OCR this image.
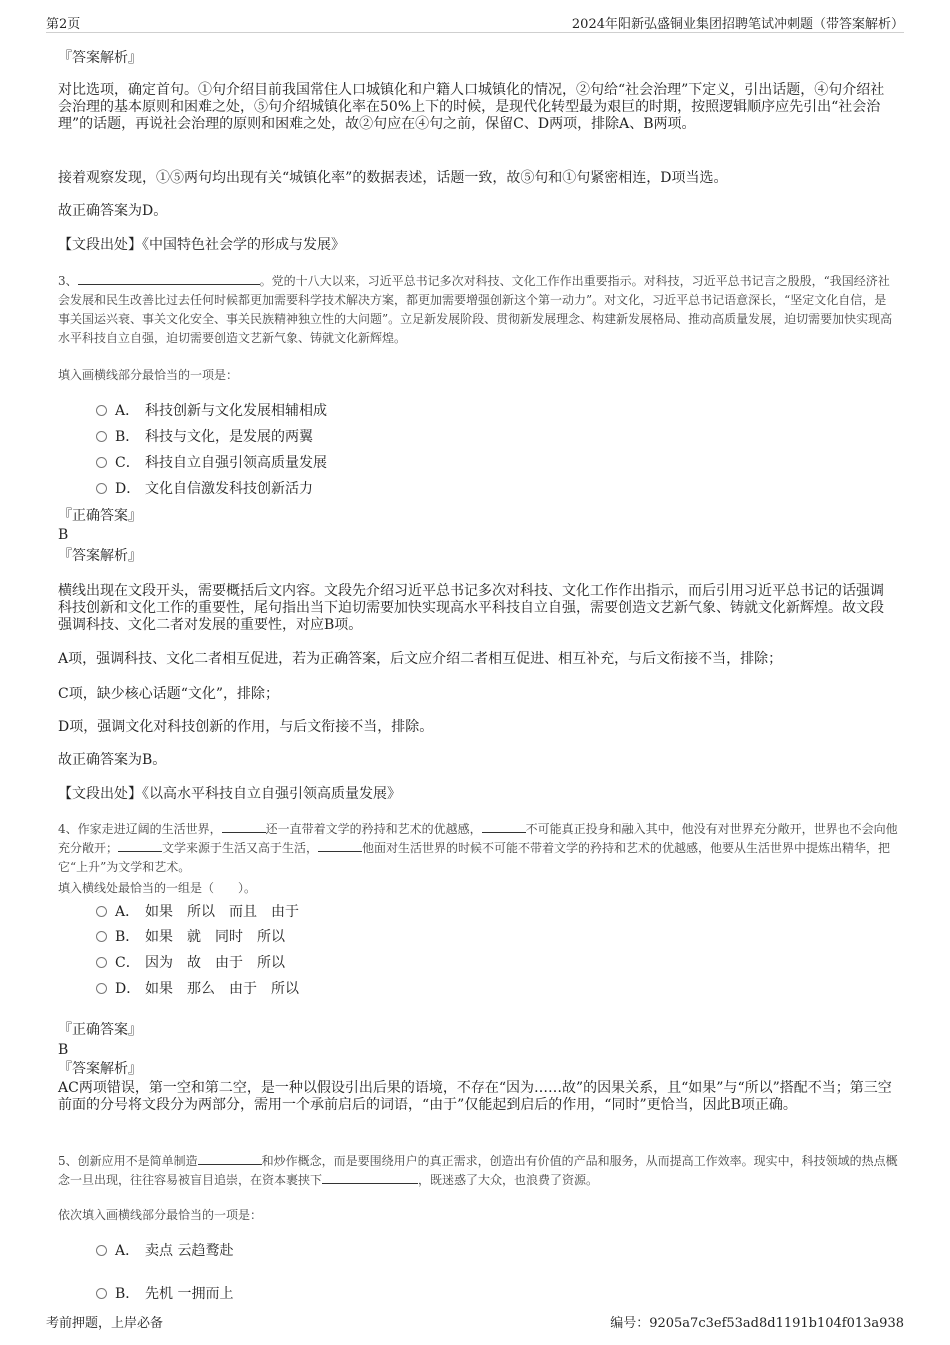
第2页	2024年阳新弘盛铜业集团招聘笔试冲刺题（带答案解析）
『答案解析』
对比选项，确定首句。①句介绍目前我国常住人口城镇化和户籍人口城镇化的情况，②句给“社会治理”下定义，引出话题，④句介绍社会治理的基本原则和困难之处，⑤句介绍城镇化率在50%上下的时候，是现代化转型最为艰巨的时期，按照逻辑顺序应先引出“社会治理”的话题，再说社会治理的原则和困难之处，故②句应在④句之前，保留C、D两项，排除A、B两项。
接着观察发现，①⑤两句均出现有关“城镇化率”的数据表述，话题一致，故⑤句和①句紧密相连，D项当选。
故正确答案为D。
【文段出处】《中国特色社会学的形成与发展》
3、	。党的十八大以来，习近平总书记多次对科技、文化工作作出重要指示。对科技，习近平总书记言之殷殷，“我国经济社会发展和民生改善比过去任何时候都更加需要科学技术解决方案，都更加需要增强创新这个第一动力”。对文化，习近平总书记语意深长，“坚定文化自信，是事关国运兴衰、事关文化安全、事关民族精神独立性的大问题”。立足新发展阶段、贯彻新发展理念、构建新发展格局、推动高质量发展，迫切需要加快实现高水平科技自立自强，迫切需要创造文艺新气象、铸就文化新辉煌。
填入画横线部分最恰当的一项是：
A． 科技创新与文化发展相辅相成
B． 科技与文化，是发展的两翼
C． 科技自立自强引领高质量发展
D． 文化自信激发科技创新活力
『正确答案』
B
『答案解析』
横线出现在文段开头，需要概括后文内容。文段先介绍习近平总书记多次对科技、文化工作作出指示，而后引用习近平总书记的话强调科技创新和文化工作的重要性，尾句指出当下迫切需要加快实现高水平科技自立自强，需要创造文艺新气象、铸就文化新辉煌。故文段强调科技、文化二者对发展的重要性，对应B项。
A项，强调科技、文化二者相互促进，若为正确答案，后文应介绍二者相互促进、相互补充，与后文衔接不当，排除；
C项，缺少核心话题“文化”，排除；
D项，强调文化对科技创新的作用，与后文衔接不当，排除。
故正确答案为B。
【文段出处】《以高水平科技自立自强引领高质量发展》
4、作家走进辽阔的生活世界，	还一直带着文学的矜持和艺术的优越感，	不可能真正投身和融入其中，他没有对世界充分敞开，世界也不会向他充分敞开；	文学来源于生活又高于生活，	他面对生活世界的时候不可能不带着文学的矜持和艺术的优越感，他要从生活世界中提炼出精华，把它“上升”为文学和艺术。
填入横线处最恰当的一组是（　　）。
A． 如果 所以 而且 由于
B． 如果 就 同时 所以
C． 因为 故 由于 所以
D． 如果 那么 由于 所以
『正确答案』
B
『答案解析』
AC两项错误，第一空和第二空，是一种以假设引出后果的语境，不存在“因为……故”的因果关系，且“如果”与“所以”搭配不当；第三空前面的分号将文段分为两部分，需用一个承前启后的词语，“由于”仅能起到启后的作用，“同时”更恰当，因此B项正确。
5、创新应用不是简单制造	和炒作概念，而是要围绕用户的真正需求，创造出有价值的产品和服务，从而提高工作效率。现实中，科技领域的热点概念一旦出现，往往容易被盲目追崇，在资本裹挟下	，既迷惑了大众，也浪费了资源。
依次填入画横线部分最恰当的一项是：
A． 卖点 云趋鹜赴
B． 先机 一拥而上
考前押题，上岸必备	编号：9205a7c3ef53ad8d1191b104f013a938
